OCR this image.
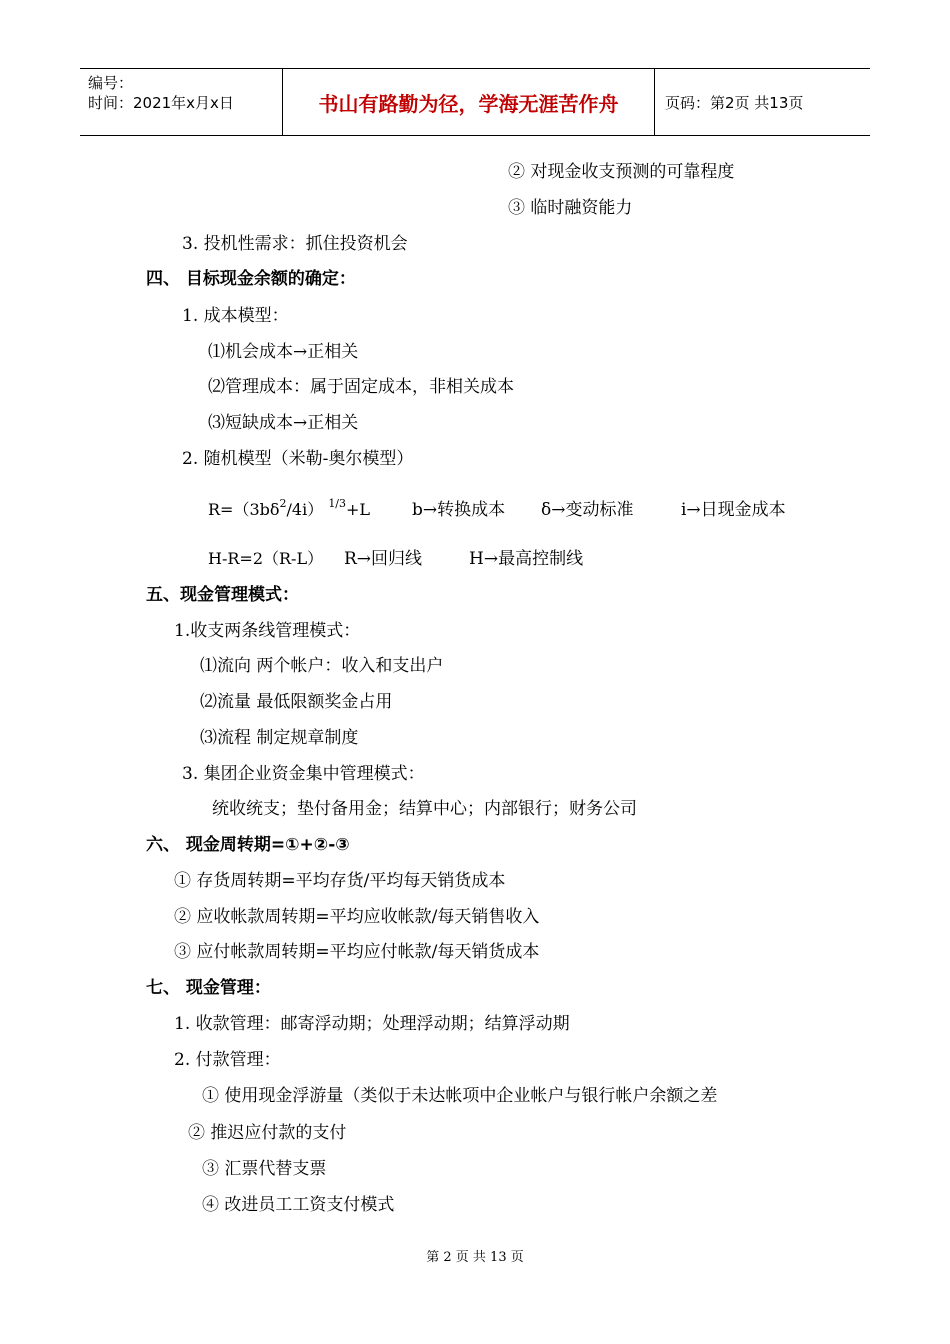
编号：
时间：2021年x月x日	书山有路勤为径，学海无涯苦作舟	页码：第2页 共13页
② 对现金收支预测的可靠程度
③ 临时融资能力
3. 投机性需求：抓住投资机会
四、 目标现金余额的确定：
1. 成本模型：
⑴机会成本→正相关
⑵管理成本：属于固定成本，非相关成本
⑶短缺成本→正相关
2. 随机模型（米勒-奥尔模型）
$R=(3b\delta^2/4i)$ $^{1/3}$+L b→转换成本 δ→变动标准	i→日现金成本
H-R=2（R-L） R→回归线	H→最高控制线
五、现金管理模式：
1.收支两条线管理模式：
⑴流向 两个帐户：收入和支出户
⑵流量 最低限额奖金占用
⑶流程 制定规章制度
3. 集团企业资金集中管理模式：
统收统支；垫付备用金；结算中心；内部银行；财务公司
六、 现金周转期=①+②-③
① 存货周转期=平均存货/平均每天销货成本
② 应收帐款周转期=平均应收帐款/每天销售收入
③ 应付帐款周转期=平均应付帐款/每天销货成本
七、 现金管理：
1. 收款管理：邮寄浮动期；处理浮动期；结算浮动期
2. 付款管理：
① 使用现金浮游量（类似于未达帐项中企业帐户与银行帐户余额之差
② 推迟应付款的支付
③ 汇票代替支票
④ 改进员工工资支付模式
第 2 页 共 13 页
